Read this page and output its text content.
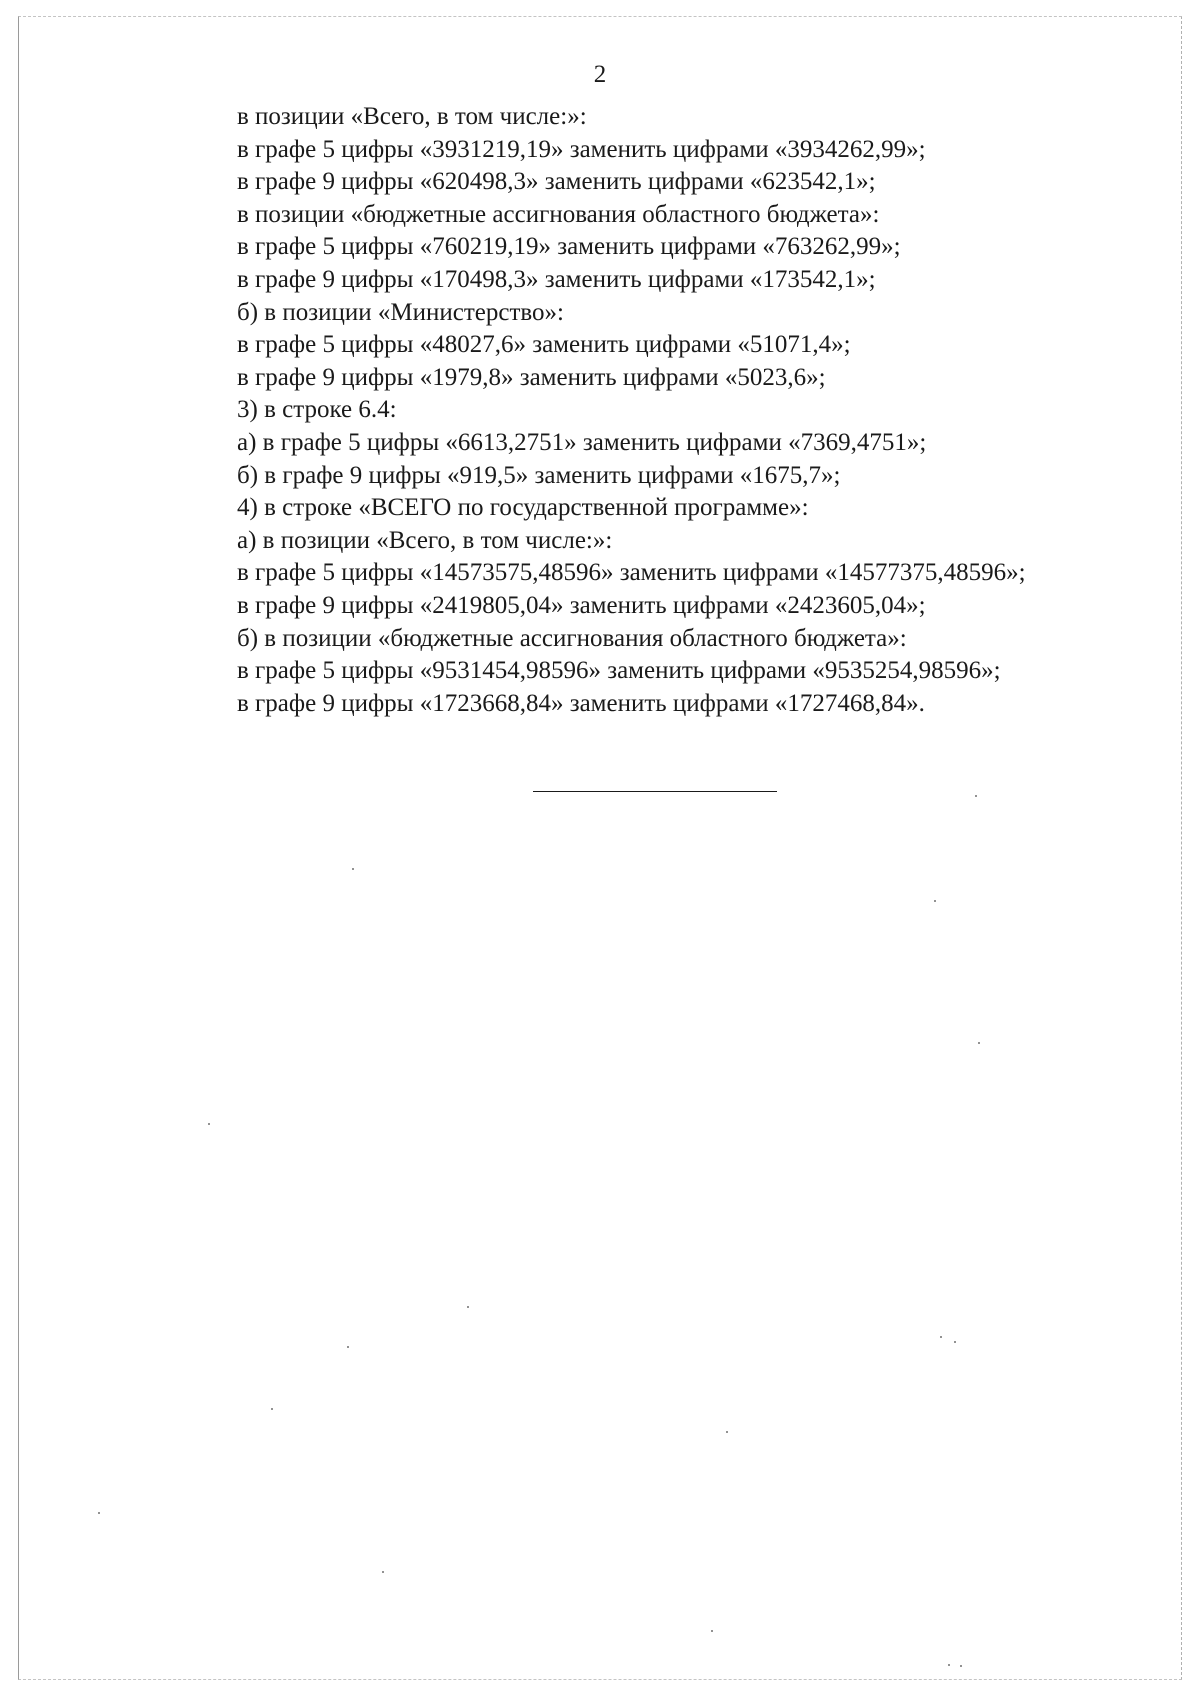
2
в позиции «Всего, в том числе:»:
в графе 5 цифры «3931219,19» заменить цифрами «3934262,99»;
в графе 9 цифры «620498,3» заменить цифрами «623542,1»;
в позиции «бюджетные ассигнования областного бюджета»:
в графе 5 цифры «760219,19» заменить цифрами «763262,99»;
в графе 9 цифры «170498,3» заменить цифрами «173542,1»;
б) в позиции «Министерство»:
в графе 5 цифры «48027,6» заменить цифрами «51071,4»;
в графе 9 цифры «1979,8» заменить цифрами «5023,6»;
3) в строке 6.4:
а) в графе 5 цифры «6613,2751» заменить цифрами «7369,4751»;
б) в графе 9 цифры «919,5» заменить цифрами «1675,7»;
4) в строке «ВСЕГО по государственной программе»:
а) в позиции «Всего, в том числе:»:
в графе 5 цифры «14573575,48596» заменить цифрами «14577375,48596»;
в графе 9 цифры «2419805,04» заменить цифрами «2423605,04»;
б) в позиции «бюджетные ассигнования областного бюджета»:
в графе 5 цифры «9531454,98596» заменить цифрами «9535254,98596»;
в графе 9 цифры «1723668,84» заменить цифрами «1727468,84».
